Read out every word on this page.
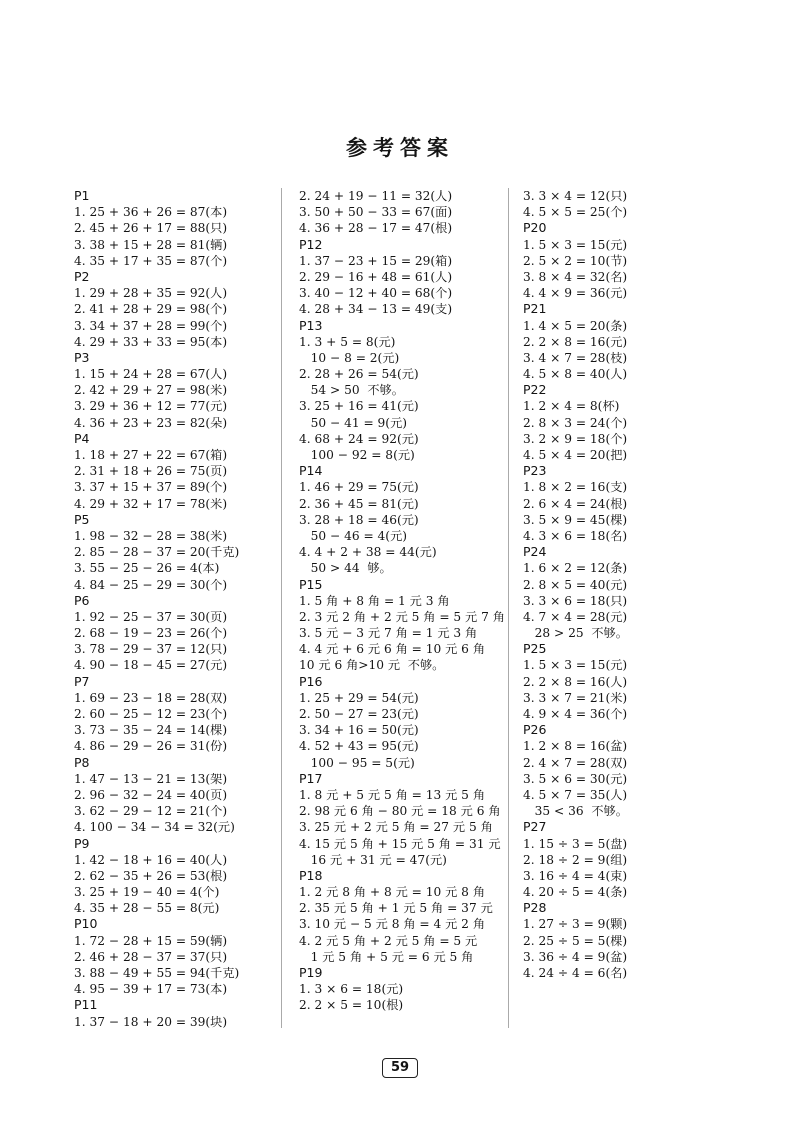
参考答案
P1
1. 25 + 36 + 26 = 87(本)
2. 45 + 26 + 17 = 88(只)
3. 38 + 15 + 28 = 81(辆)
4. 35 + 17 + 35 = 87(个)
P2
1. 29 + 28 + 35 = 92(人)
2. 41 + 28 + 29 = 98(个)
3. 34 + 37 + 28 = 99(个)
4. 29 + 33 + 33 = 95(本)
P3
1. 15 + 24 + 28 = 67(人)
2. 42 + 29 + 27 = 98(米)
3. 29 + 36 + 12 = 77(元)
4. 36 + 23 + 23 = 82(朵)
P4
1. 18 + 27 + 22 = 67(箱)
2. 31 + 18 + 26 = 75(页)
3. 37 + 15 + 37 = 89(个)
4. 29 + 32 + 17 = 78(米)
P5
1. 98 − 32 − 28 = 38(米)
2. 85 − 28 − 37 = 20(千克)
3. 55 − 25 − 26 = 4(本)
4. 84 − 25 − 29 = 30(个)
P6
1. 92 − 25 − 37 = 30(页)
2. 68 − 19 − 23 = 26(个)
3. 78 − 29 − 37 = 12(只)
4. 90 − 18 − 45 = 27(元)
P7
1. 69 − 23 − 18 = 28(双)
2. 60 − 25 − 12 = 23(个)
3. 73 − 35 − 24 = 14(棵)
4. 86 − 29 − 26 = 31(份)
P8
1. 47 − 13 − 21 = 13(架)
2. 96 − 32 − 24 = 40(页)
3. 62 − 29 − 12 = 21(个)
4. 100 − 34 − 34 = 32(元)
P9
1. 42 − 18 + 16 = 40(人)
2. 62 − 35 + 26 = 53(根)
3. 25 + 19 − 40 = 4(个)
4. 35 + 28 − 55 = 8(元)
P10
1. 72 − 28 + 15 = 59(辆)
2. 46 + 28 − 37 = 37(只)
3. 88 − 49 + 55 = 94(千克)
4. 95 − 39 + 17 = 73(本)
P11
1. 37 − 18 + 20 = 39(块)
2. 24 + 19 − 11 = 32(人)
3. 50 + 50 − 33 = 67(面)
4. 36 + 28 − 17 = 47(根)
P12
1. 37 − 23 + 15 = 29(箱)
2. 29 − 16 + 48 = 61(人)
3. 40 − 12 + 40 = 68(个)
4. 28 + 34 − 13 = 49(支)
P13
1. 3 + 5 = 8(元)
10 − 8 = 2(元)
2. 28 + 26 = 54(元)
54 > 50  不够。
3. 25 + 16 = 41(元)
50 − 41 = 9(元)
4. 68 + 24 = 92(元)
100 − 92 = 8(元)
P14
1. 46 + 29 = 75(元)
2. 36 + 45 = 81(元)
3. 28 + 18 = 46(元)
50 − 46 = 4(元)
4. 4 + 2 + 38 = 44(元)
50 > 44  够。
P15
1. 5 角 + 8 角 = 1 元 3 角
2. 3 元 2 角 + 2 元 5 角 = 5 元 7 角
3. 5 元 − 3 元 7 角 = 1 元 3 角
4. 4 元 + 6 元 6 角 = 10 元 6 角
10 元 6 角>10 元  不够。
P16
1. 25 + 29 = 54(元)
2. 50 − 27 = 23(元)
3. 34 + 16 = 50(元)
4. 52 + 43 = 95(元)
100 − 95 = 5(元)
P17
1. 8 元 + 5 元 5 角 = 13 元 5 角
2. 98 元 6 角 − 80 元 = 18 元 6 角
3. 25 元 + 2 元 5 角 = 27 元 5 角
4. 15 元 5 角 + 15 元 5 角 = 31 元
16 元 + 31 元 = 47(元)
P18
1. 2 元 8 角 + 8 元 = 10 元 8 角
2. 35 元 5 角 + 1 元 5 角 = 37 元
3. 10 元 − 5 元 8 角 = 4 元 2 角
4. 2 元 5 角 + 2 元 5 角 = 5 元
1 元 5 角 + 5 元 = 6 元 5 角
P19
1. 3 × 6 = 18(元)
2. 2 × 5 = 10(根)
3. 3 × 4 = 12(只)
4. 5 × 5 = 25(个)
P20
1. 5 × 3 = 15(元)
2. 5 × 2 = 10(节)
3. 8 × 4 = 32(名)
4. 4 × 9 = 36(元)
P21
1. 4 × 5 = 20(条)
2. 2 × 8 = 16(元)
3. 4 × 7 = 28(枝)
4. 5 × 8 = 40(人)
P22
1. 2 × 4 = 8(杯)
2. 8 × 3 = 24(个)
3. 2 × 9 = 18(个)
4. 5 × 4 = 20(把)
P23
1. 8 × 2 = 16(支)
2. 6 × 4 = 24(根)
3. 5 × 9 = 45(棵)
4. 3 × 6 = 18(名)
P24
1. 6 × 2 = 12(条)
2. 8 × 5 = 40(元)
3. 3 × 6 = 18(只)
4. 7 × 4 = 28(元)
28 > 25  不够。
P25
1. 5 × 3 = 15(元)
2. 2 × 8 = 16(人)
3. 3 × 7 = 21(米)
4. 9 × 4 = 36(个)
P26
1. 2 × 8 = 16(盆)
2. 4 × 7 = 28(双)
3. 5 × 6 = 30(元)
4. 5 × 7 = 35(人)
35 < 36  不够。
P27
1. 15 ÷ 3 = 5(盘)
2. 18 ÷ 2 = 9(组)
3. 16 ÷ 4 = 4(束)
4. 20 ÷ 5 = 4(条)
P28
1. 27 ÷ 3 = 9(颗)
2. 25 ÷ 5 = 5(棵)
3. 36 ÷ 4 = 9(盆)
4. 24 ÷ 4 = 6(名)
59
